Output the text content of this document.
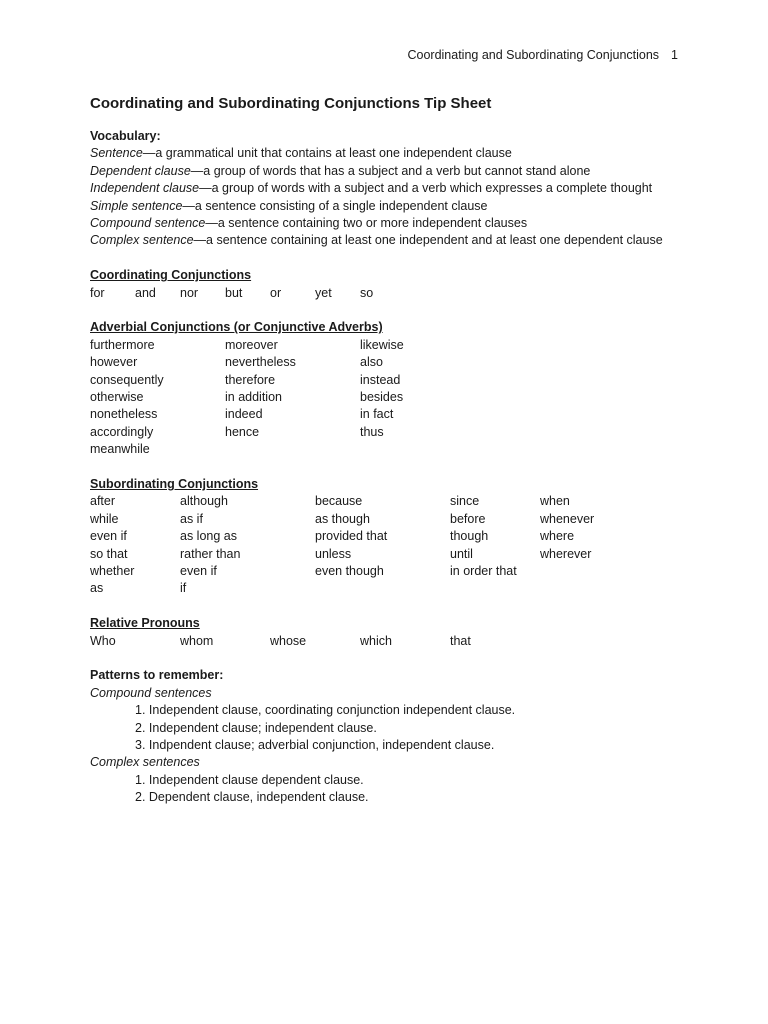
Coordinating and Subordinating Conjunctions 1
Coordinating and Subordinating Conjunctions Tip Sheet
Vocabulary:
Sentence—a grammatical unit that contains at least one independent clause
Dependent clause—a group of words that has a subject and a verb but cannot stand alone
Independent clause—a group of words with a subject and a verb which expresses a complete thought
Simple sentence—a sentence consisting of a single independent clause
Compound sentence—a sentence containing two or more independent clauses
Complex sentence—a sentence containing at least one independent and at least one dependent clause
Coordinating Conjunctions
for	and	nor	but	or	yet	so
Adverbial Conjunctions (or Conjunctive Adverbs)
furthermore	moreover	likewise
however	nevertheless	also
consequently	therefore	instead
otherwise	in addition	besides
nonetheless	indeed	in fact
accordingly	hence	thus
meanwhile
Subordinating Conjunctions
after	although	because	since	when
while	as if	as though	before	whenever
even if	as long as	provided that	though	where
so that	rather than	unless	until	wherever
whether	even if	even though	in order that
as	if
Relative Pronouns
Who	whom	whose	which	that
Patterns to remember:
Compound sentences
1. Independent clause, coordinating conjunction independent clause.
2. Independent clause; independent clause.
3. Indpendent clause; adverbial conjunction, independent clause.
Complex sentences
1. Independent clause dependent clause.
2. Dependent clause, independent clause.
